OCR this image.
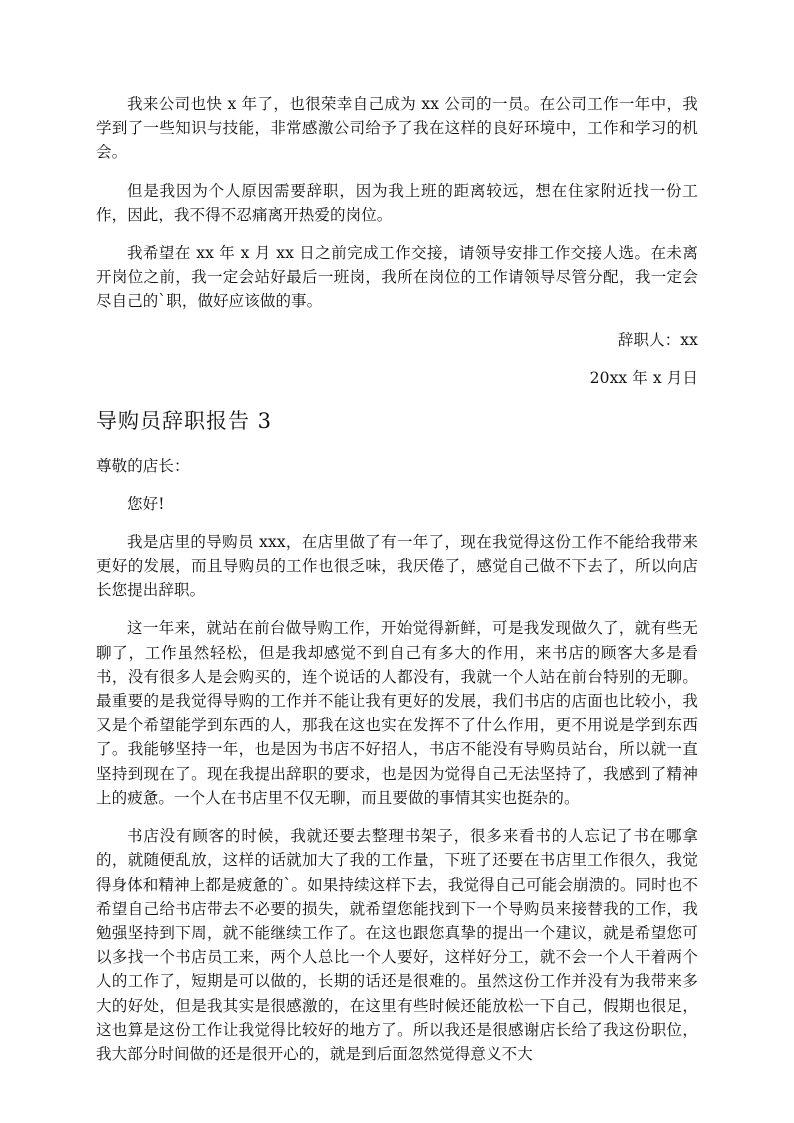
我来公司也快 x 年了，也很荣幸自己成为 xx 公司的一员。在公司工作一年中，我学到了一些知识与技能，非常感激公司给予了我在这样的良好环境中，工作和学习的机会。

但是我因为个人原因需要辞职，因为我上班的距离较远，想在住家附近找一份工作，因此，我不得不忍痛离开热爱的岗位。

我希望在 xx 年 x 月 xx 日之前完成工作交接，请领导安排工作交接人选。在未离开岗位之前，我一定会站好最后一班岗，我所在岗位的工作请领导尽管分配，我一定会尽自己的`职，做好应该做的事。

辞职人：xx

20xx 年 x 月日

导购员辞职报告 3

尊敬的店长：

您好!

我是店里的导购员 xxx，在店里做了有一年了，现在我觉得这份工作不能给我带来更好的发展，而且导购员的工作也很乏味，我厌倦了，感觉自己做不下去了，所以向店长您提出辞职。

这一年来，就站在前台做导购工作，开始觉得新鲜，可是我发现做久了，就有些无聊了，工作虽然轻松，但是我却感觉不到自己有多大的作用，来书店的顾客大多是看书，没有很多人是会购买的，连个说话的人都没有，我就一个人站在前台特别的无聊。最重要的是我觉得导购的工作并不能让我有更好的发展，我们书店的店面也比较小，我又是个希望能学到东西的人，那我在这也实在发挥不了什么作用，更不用说是学到东西了。我能够坚持一年，也是因为书店不好招人，书店不能没有导购员站台，所以就一直坚持到现在了。现在我提出辞职的要求，也是因为觉得自己无法坚持了，我感到了精神上的疲惫。一个人在书店里不仅无聊，而且要做的事情其实也挺杂的。

书店没有顾客的时候，我就还要去整理书架子，很多来看书的人忘记了书在哪拿的，就随便乱放，这样的话就加大了我的工作量，下班了还要在书店里工作很久，我觉得身体和精神上都是疲惫的`。如果持续这样下去，我觉得自己可能会崩溃的。同时也不希望自己给书店带去不必要的损失，就希望您能找到下一个导购员来接替我的工作，我勉强坚持到下周，就不能继续工作了。在这也跟您真挚的提出一个建议，就是希望您可以多找一个书店员工来，两个人总比一个人要好，这样好分工，就不会一个人干着两个人的工作了，短期是可以做的，长期的话还是很难的。虽然这份工作并没有为我带来多大的好处，但是我其实是很感激的，在这里有些时候还能放松一下自己，假期也很足，这也算是这份工作让我觉得比较好的地方了。所以我还是很感谢店长给了我这份职位，我大部分时间做的还是很开心的，就是到后面忽然觉得意义不大
